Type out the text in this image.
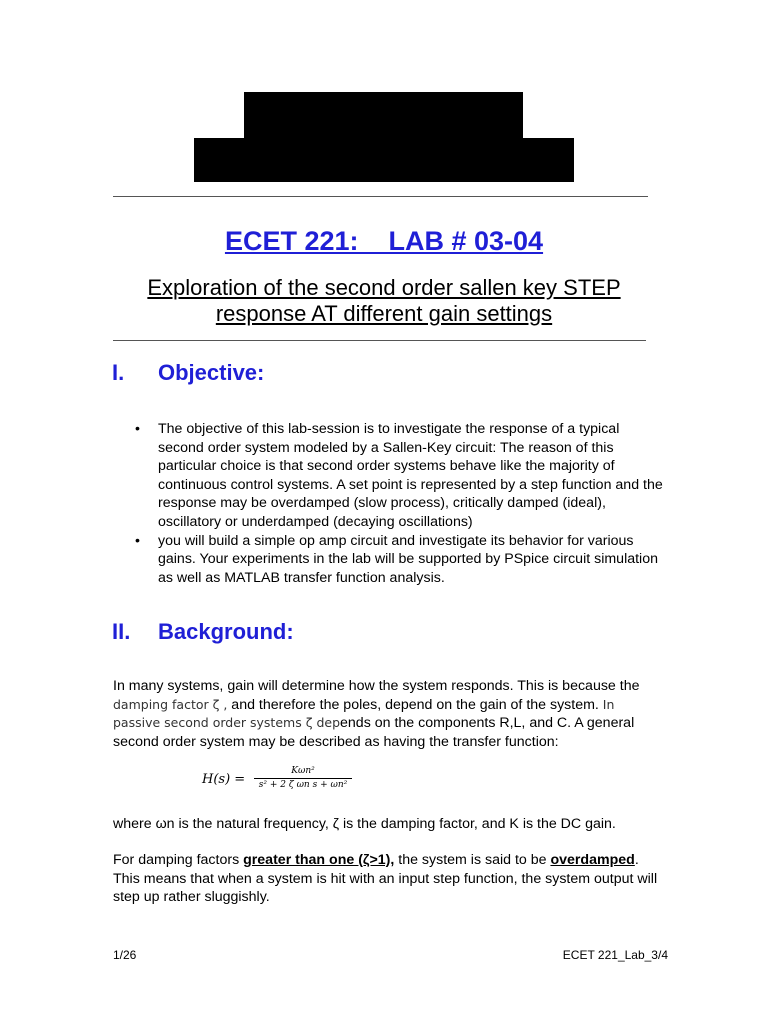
ECET 221:    LAB # 03-04
Exploration of the second order sallen key STEP response AT different gain settings
I. Objective:
• The objective of this lab-session is to investigate the response of a typical second order system modeled by a Sallen-Key circuit: The reason of this particular choice is that second order systems behave like the majority of continuous control systems. A set point is represented by a step function and the response may be overdamped (slow process), critically damped (ideal), oscillatory or underdamped (decaying oscillations)
• you will build a simple op amp circuit and investigate its behavior for various gains. Your experiments in the lab will be supported by PSpice circuit simulation as well as MATLAB transfer function analysis.
II. Background:
In many systems, gain will determine how the system responds. This is because the damping factor ζ , and therefore the poles, depend on the gain of the system. In passive second order systems ζ depends on the components R,L, and C. A general second order system may be described as having the transfer function:
H(s) =
Kωn²
s² + 2 ζ ωn s + ωn²
where ωn is the natural frequency, ζ is the damping factor, and K is the DC gain.
For damping factors greater than one (ζ>1), the system is said to be overdamped. This means that when a system is hit with an input step function, the system output will step up rather sluggishly.
1/26	ECET 221_Lab_3/4
